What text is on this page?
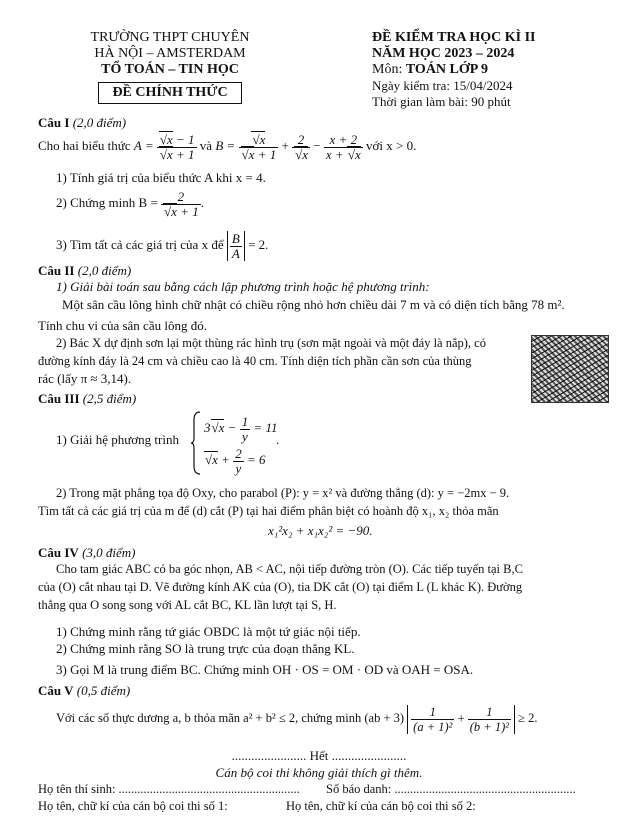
TRƯỜNG THPT CHUYÊN
HÀ NỘI – AMSTERDAM
TỔ TOÁN – TIN HỌC
ĐỀ CHÍNH THỨC
ĐỀ KIỂM TRA HỌC KÌ II
NĂM HỌC 2023 – 2024
Môn: TOÁN LỚP 9
Ngày kiểm tra: 15/04/2024
Thời gian làm bài: 90 phút
Câu I (2,0 điểm)
Cho hai biểu thức $A = \frac{√x - 1}{√x + 1}$ và $B = \frac{√x}{√x + 1} + \frac{2}{√x} - \frac{x + 2}{x + √x}$ với x > 0.
1) Tính giá trị của biểu thức A khi x = 4.
2) Chứng minh $B = \frac{2}{√x + 1}$ .
3) Tìm tất cả các giá trị của x để $\frac{B}{A} = 2$.
Câu II (2,0 điểm)
1) Giải bài toán sau bằng cách lập phương trình hoặc hệ phương trình:
Một sân cầu lông hình chữ nhật có chiều rộng nhỏ hơn chiều dài 7 m và có diện tích bằng 78 m².
Tính chu vi của sân cầu lông đó.
2) Bác X dự định sơn lại một thùng rác hình trụ (sơn mặt ngoài và một đáy là nắp), có
đường kính đáy là 24 cm và chiều cao là 40 cm. Tính diện tích phần cần sơn của thùng
rác (lấy π ≈ 3,14).
Câu III (2,5 điểm)
1) Giải hệ phương trình
$3√x - \frac{1}{y} = 11$
$√x + \frac{2}{y} = 6$
.
2) Trong mặt phẳng tọa độ Oxy, cho parabol (P): y = x² và đường thẳng (d): y = −2mx − 9.
Tìm tất cả các giá trị của m để (d) cắt (P) tại hai điểm phân biệt có hoành độ x₁, x₂ thỏa mãn
x₁²x₂ + x₁x₂² = −90.
Câu IV (3,0 điểm)
Cho tam giác ABC có ba góc nhọn, AB < AC, nội tiếp đường tròn (O). Các tiếp tuyến tại B,C
của (O) cắt nhau tại D. Vẽ đường kính AK của (O), tia DK cắt (O) tại điểm L (L khác K). Đường
thẳng qua O song song với AL cắt BC, KL lần lượt tại S, H.
1) Chứng minh rằng tứ giác OBDC là một tứ giác nội tiếp.
2) Chứng minh rằng SO là trung trực của đoạn thẳng KL.
3) Gọi M là trung điểm BC. Chứng minh OH · OS = OM · OD và OAH = OSA.
Câu V (0,5 điểm)
Với các số thực dương a, b thỏa mãn a² + b² ≤ 2, chứng minh $(ab + 3) \frac{1}{\text{(a + 1)²}} + \frac{1}{\text{(b + 1)²}} \ge 2$.
....................... Hết .......................
Cán bộ coi thi không giải thích gì thêm.
Họ tên thí sinh: .......................................................... Số báo danh: ..........................................................
Họ tên, chữ kí của cán bộ coi thi số 1:	Họ tên, chữ kí của cán bộ coi thi số 2:
